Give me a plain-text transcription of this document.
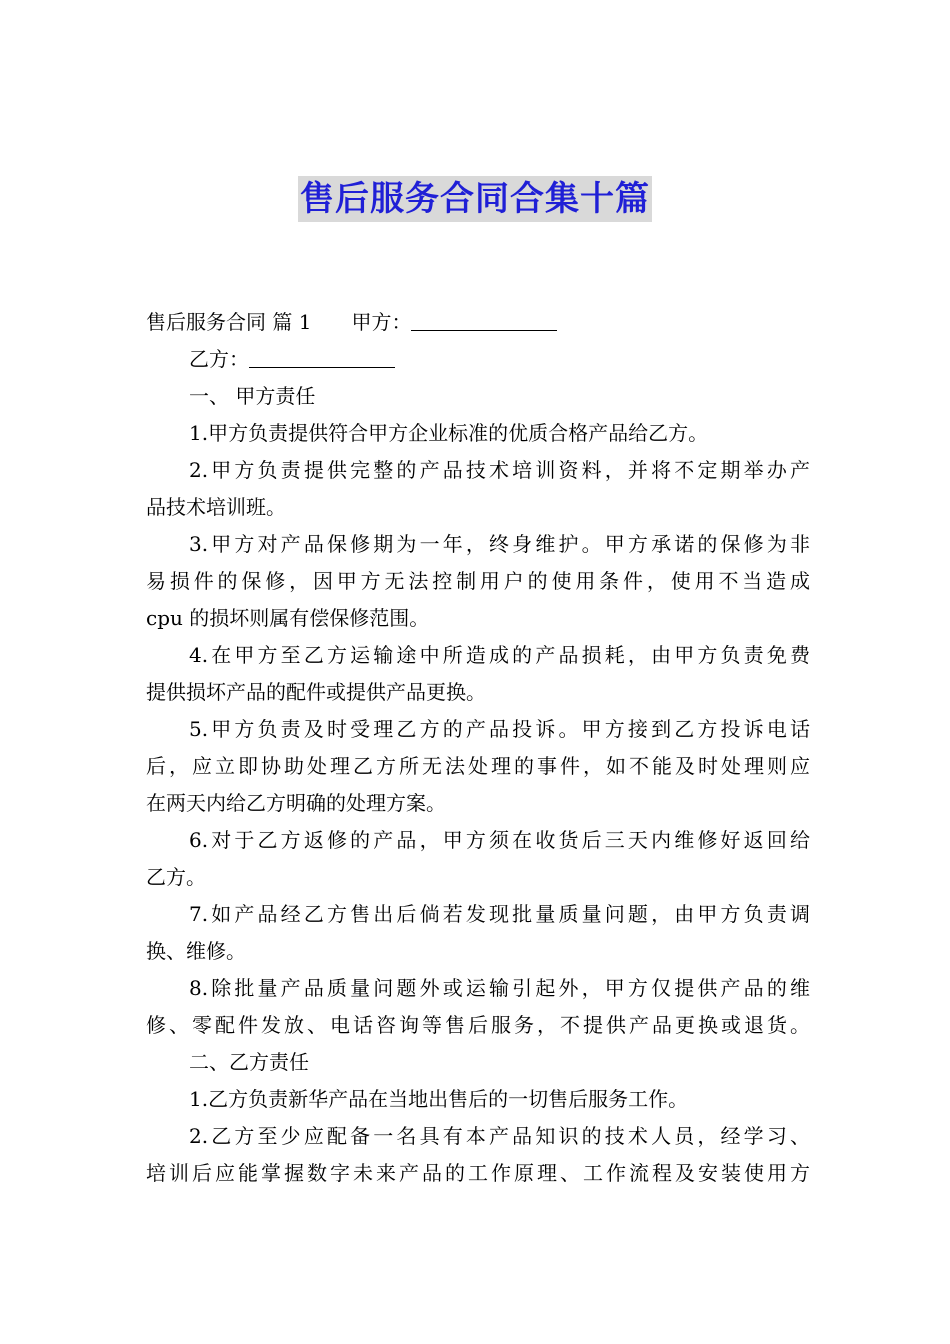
售后服务合同合集十篇
售后服务合同 篇 1 甲方：
乙方：
一、 甲方责任
1.甲方负责提供符合甲方企业标准的优质合格产品给乙方。
2.甲方负责提供完整的产品技术培训资料，并将不定期举办产
品技术培训班。
3.甲方对产品保修期为一年，终身维护。甲方承诺的保修为非
易损件的保修，因甲方无法控制用户的使用条件，使用不当造成
cpu 的损坏则属有偿保修范围。
4.在甲方至乙方运输途中所造成的产品损耗，由甲方负责免费
提供损坏产品的配件或提供产品更换。
5.甲方负责及时受理乙方的产品投诉。甲方接到乙方投诉电话
后，应立即协助处理乙方所无法处理的事件，如不能及时处理则应
在两天内给乙方明确的处理方案。
6.对于乙方返修的产品，甲方须在收货后三天内维修好返回给
乙方。
7.如产品经乙方售出后倘若发现批量质量问题，由甲方负责调
换、维修。
8.除批量产品质量问题外或运输引起外，甲方仅提供产品的维
修、零配件发放、电话咨询等售后服务，不提供产品更换或退货。
二、乙方责任
1.乙方负责新华产品在当地出售后的一切售后服务工作。
2.乙方至少应配备一名具有本产品知识的技术人员，经学习、
培训后应能掌握数字未来产品的工作原理、工作流程及安装使用方
